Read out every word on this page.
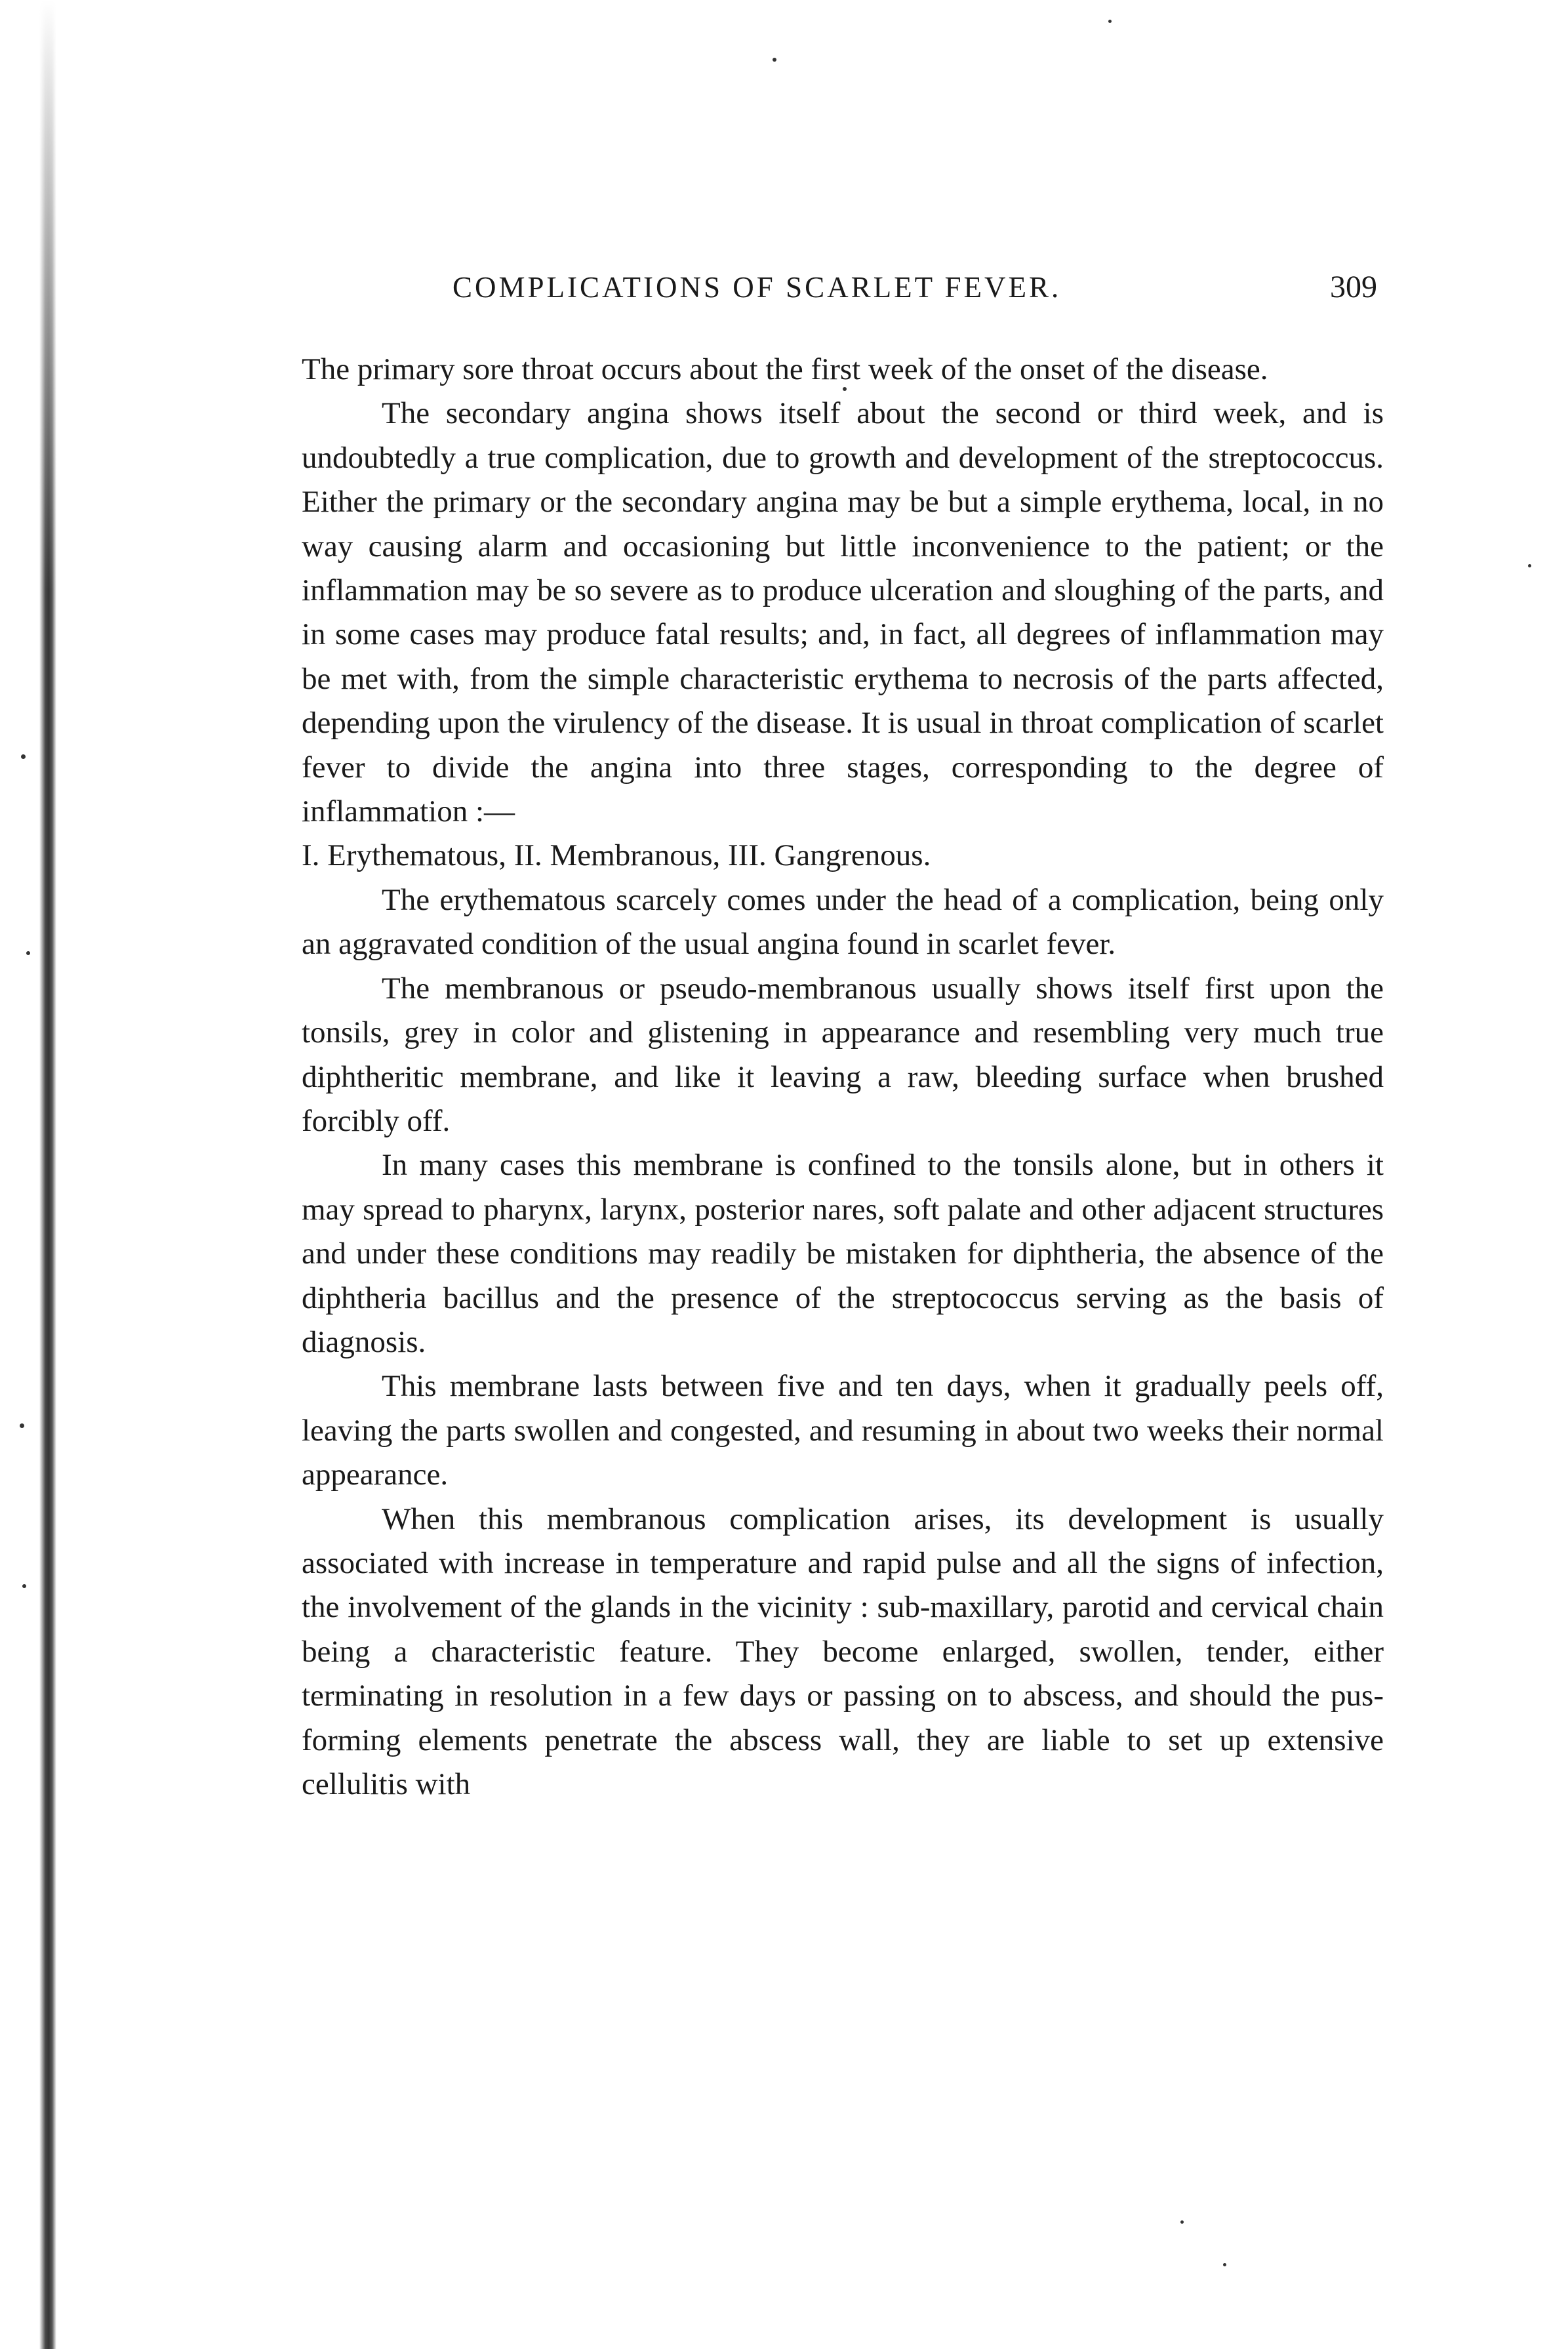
COMPLICATIONS OF SCARLET FEVER.	309

The primary sore throat occurs about the first week of the onset of the disease.

The secondary angina shows itself about the second or third week, and is undoubtedly a true complication, due to growth and development of the streptococcus. Either the primary or the secondary angina may be but a simple erythema, local, in no way causing alarm and occasioning but little inconvenience to the patient; or the inflammation may be so severe as to produce ulceration and sloughing of the parts, and in some cases may produce fatal results; and, in fact, all degrees of inflammation may be met with, from the simple characteristic erythema to necrosis of the parts affected, depending upon the virulency of the disease. It is usual in throat complication of scarlet fever to divide the angina into three stages, corresponding to the degree of inflammation :—

I. Erythematous, II. Membranous, III. Gangrenous.

The erythematous scarcely comes under the head of a complication, being only an aggravated condition of the usual angina found in scarlet fever.

The membranous or pseudo-membranous usually shows itself first upon the tonsils, grey in color and glistening in appearance and resembling very much true diphtheritic membrane, and like it leaving a raw, bleeding surface when brushed forcibly off.

In many cases this membrane is confined to the tonsils alone, but in others it may spread to pharynx, larynx, posterior nares, soft palate and other adjacent structures and under these conditions may readily be mistaken for diphtheria, the absence of the diphtheria bacillus and the presence of the streptococcus serving as the basis of diagnosis.

This membrane lasts between five and ten days, when it gradually peels off, leaving the parts swollen and congested, and resuming in about two weeks their normal appearance.

When this membranous complication arises, its development is usually associated with increase in temperature and rapid pulse and all the signs of infection, the involvement of the glands in the vicinity : sub-maxillary, parotid and cervical chain being a characteristic feature. They become enlarged, swollen, tender, either terminating in resolution in a few days or passing on to abscess, and should the pus-forming elements penetrate the abscess wall, they are liable to set up extensive cellulitis with
